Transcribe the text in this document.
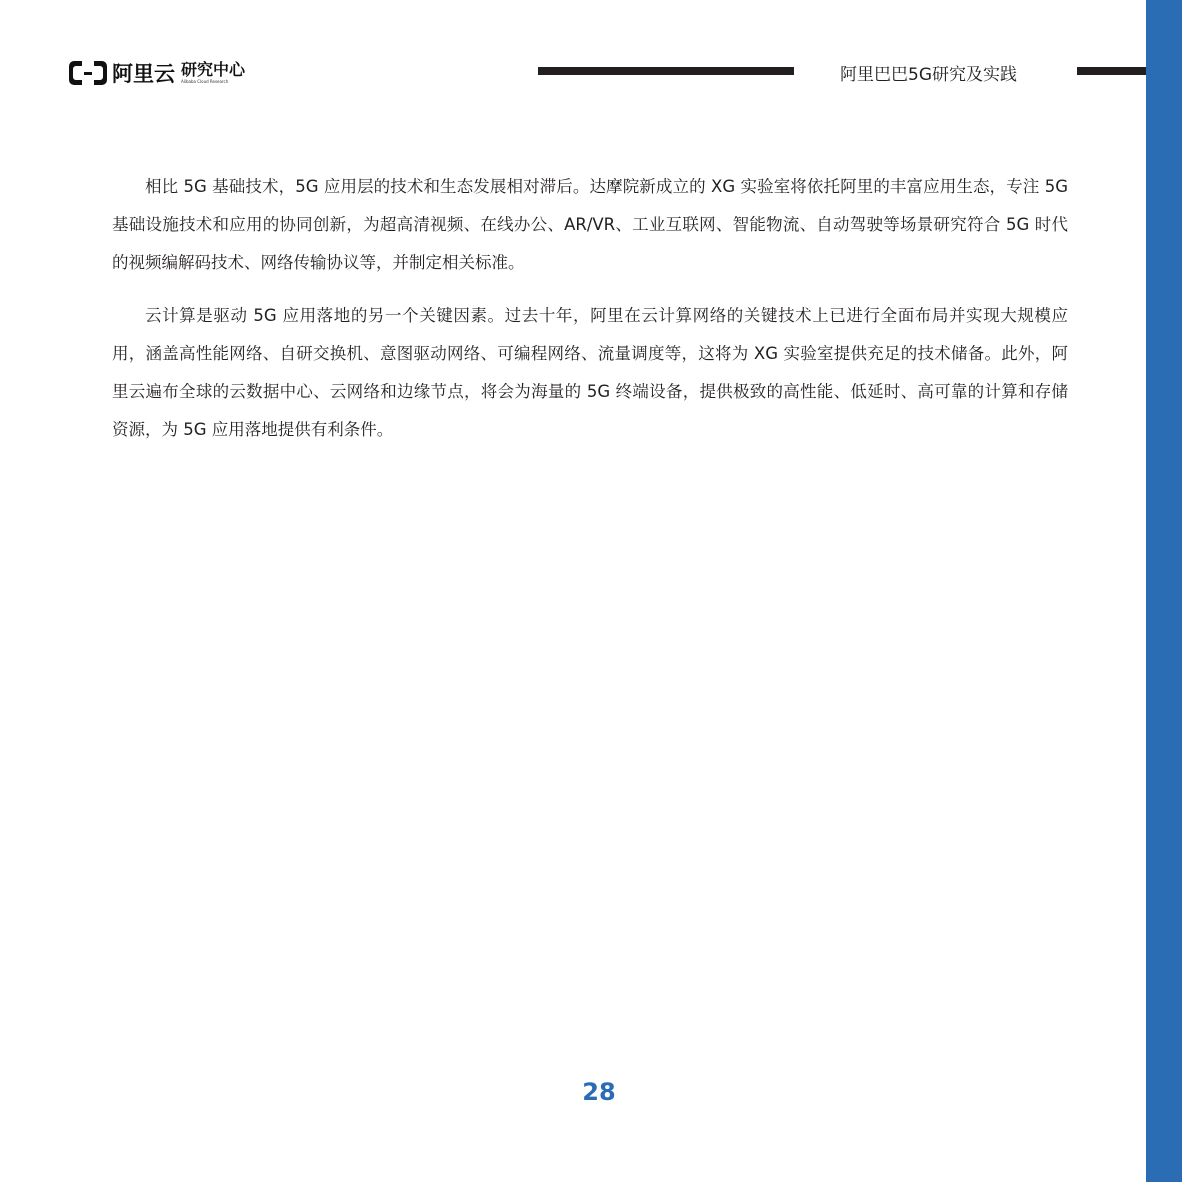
阿里云 研究中心
Alibaba Cloud Research	阿里巴巴5G研究及实践

相比 5G 基础技术，5G 应用层的技术和生态发展相对滞后。达摩院新成立的 XG 实验室将依托阿里的丰富应用生态，专注 5G 基础设施技术和应用的协同创新，为超高清视频、在线办公、AR/VR、工业互联网、智能物流、自动驾驶等场景研究符合 5G 时代的视频编解码技术、网络传输协议等，并制定相关标准。

云计算是驱动 5G 应用落地的另一个关键因素。过去十年，阿里在云计算网络的关键技术上已进行全面布局并实现大规模应用，涵盖高性能网络、自研交换机、意图驱动网络、可编程网络、流量调度等，这将为 XG 实验室提供充足的技术储备。此外，阿里云遍布全球的云数据中心、云网络和边缘节点，将会为海量的 5G 终端设备，提供极致的高性能、低延时、高可靠的计算和存储资源，为 5G 应用落地提供有利条件。

28
